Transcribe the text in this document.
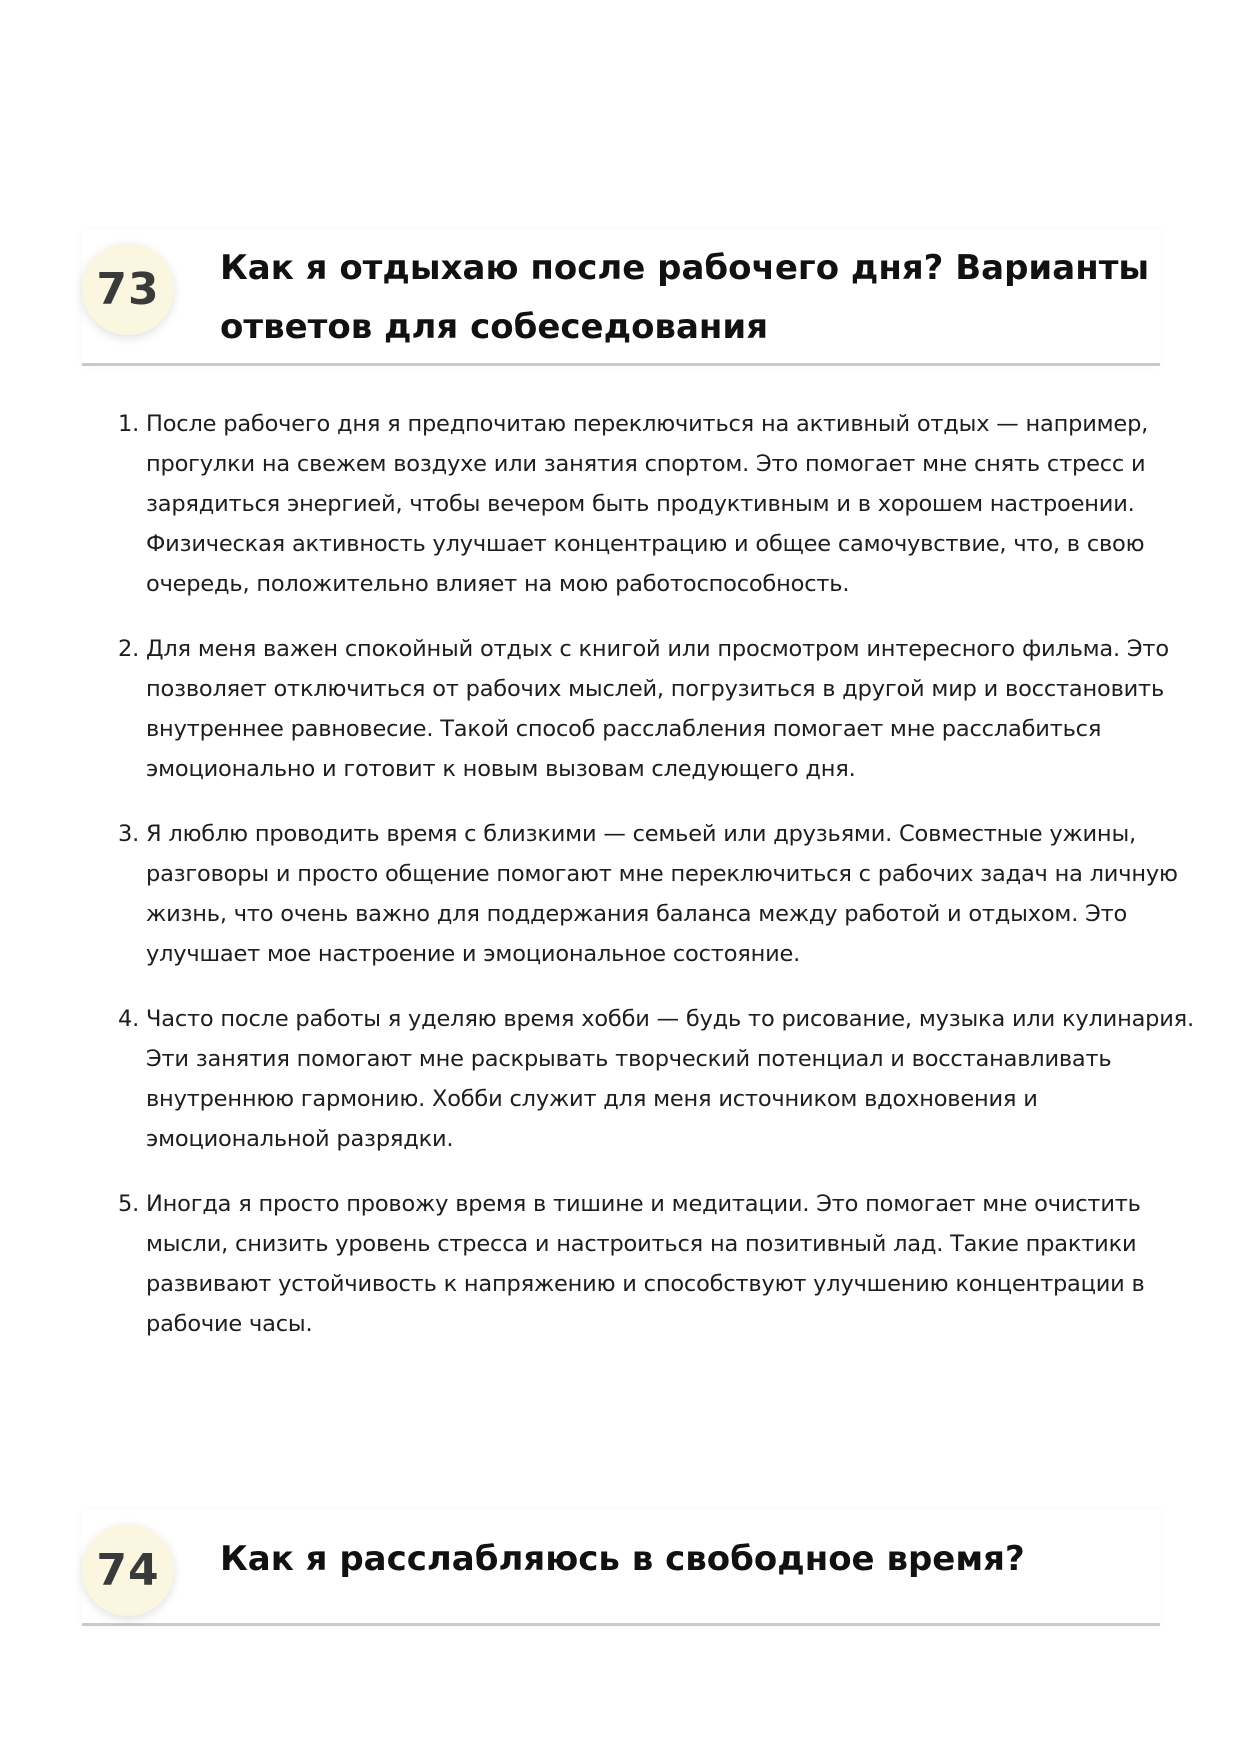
73	Как я отдыхаю после рабочего дня? Варианты
ответов для собеседования
1. После рабочего дня я предпочитаю переключиться на активный отдых — например, прогулки на свежем воздухе или занятия спортом. Это помогает мне снять стресс и зарядиться энергией, чтобы вечером быть продуктивным и в хорошем настроении. Физическая активность улучшает концентрацию и общее самочувствие, что, в свою очередь, положительно влияет на мою работоспособность.
2. Для меня важен спокойный отдых с книгой или просмотром интересного фильма. Это позволяет отключиться от рабочих мыслей, погрузиться в другой мир и восстановить внутреннее равновесие. Такой способ расслабления помогает мне расслабиться эмоционально и готовит к новым вызовам следующего дня.
3. Я люблю проводить время с близкими — семьей или друзьями. Совместные ужины, разговоры и просто общение помогают мне переключиться с рабочих задач на личную жизнь, что очень важно для поддержания баланса между работой и отдыхом. Это улучшает мое настроение и эмоциональное состояние.
4. Часто после работы я уделяю время хобби — будь то рисование, музыка или кулинария. Эти занятия помогают мне раскрывать творческий потенциал и восстанавливать внутреннюю гармонию. Хобби служит для меня источником вдохновения и эмоциональной разрядки.
5. Иногда я просто провожу время в тишине и медитации. Это помогает мне очистить мысли, снизить уровень стресса и настроиться на позитивный лад. Такие практики развивают устойчивость к напряжению и способствуют улучшению концентрации в рабочие часы.
74	Как я расслабляюсь в свободное время?
